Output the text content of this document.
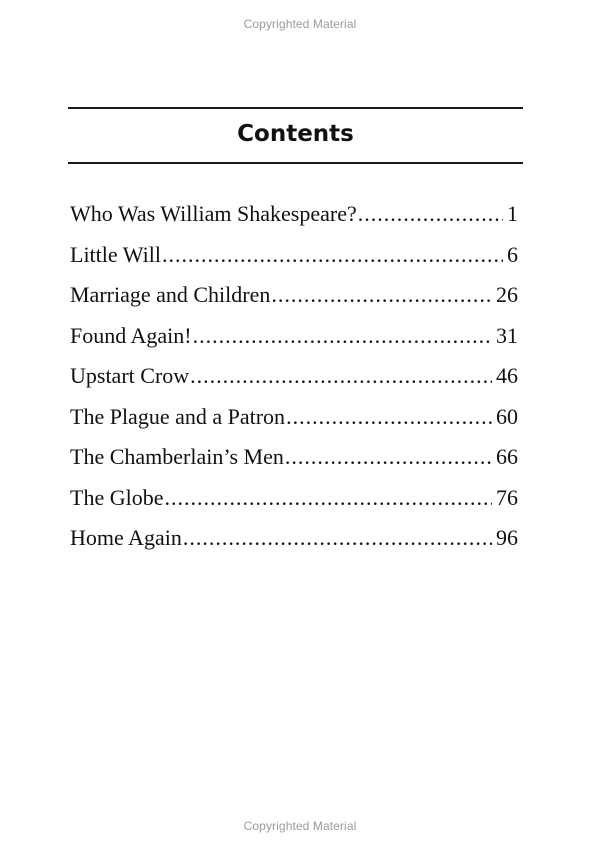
Copyrighted Material
Contents
Who Was William Shakespeare? .....	1
Little Will .....	6
Marriage and Children .....	26
Found Again! .....	31
Upstart Crow .....	46
The Plague and a Patron .....	60
The Chamberlain’s Men .....	66
The Globe .....	76
Home Again .....	96
Copyrighted Material
